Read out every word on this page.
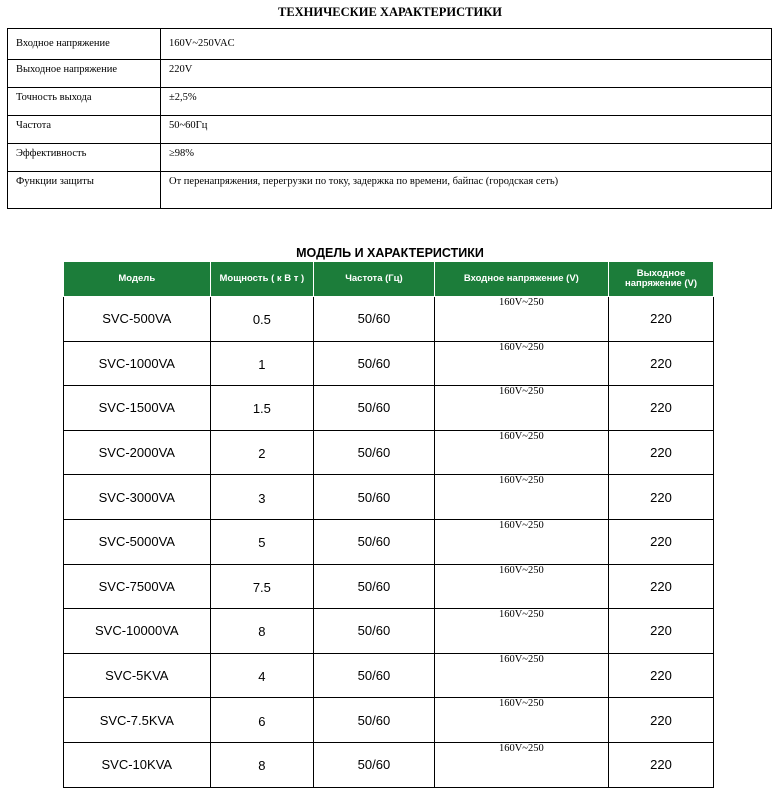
ТЕХНИЧЕСКИЕ ХАРАКТЕРИСТИКИ
Входное напряжение	160V~250VAC
Выходное напряжение	220V
Точность выхода	±2,5%
Частота	50~60Гц
Эффективность	≥98%
Функции защиты	От перенапряжения, перегрузки по току, задержка по времени, байпас (городская сеть)
МОДЕЛЬ И ХАРАКТЕРИСТИКИ
Модель	Мощность ( к В т )	Частота (Гц)	Входное напряжение (V)	Выходное напряжение (V)
SVC-500VA	0.5	50/60	160V~250	220
SVC-1000VA	1	50/60	160V~250	220
SVC-1500VA	1.5	50/60	160V~250	220
SVC-2000VA	2	50/60	160V~250	220
SVC-3000VA	3	50/60	160V~250	220
SVC-5000VA	5	50/60	160V~250	220
SVC-7500VA	7.5	50/60	160V~250	220
SVC-10000VA	8	50/60	160V~250	220
SVC-5KVA	4	50/60	160V~250	220
SVC-7.5KVA	6	50/60	160V~250	220
SVC-10KVA	8	50/60	160V~250	220
